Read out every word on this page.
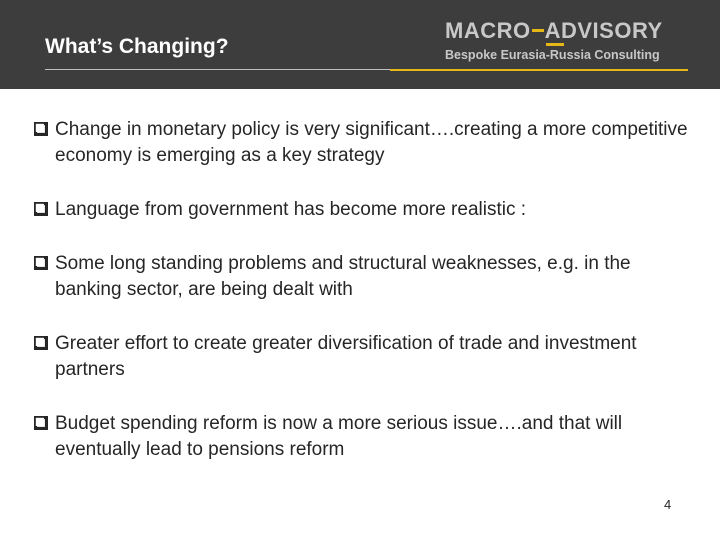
What’s Changing?
MACRO A
DVISORY
Bespoke Eurasia-Russia Consulting
Change in monetary policy is very significant….creating a more competitive economy is emerging as a key strategy
Language from government has become more realistic :
Some long standing problems and structural weaknesses, e.g. in the banking sector, are being dealt with
Greater effort to create greater diversification of trade and investment partners
Budget spending reform is now a more serious issue….and that will eventually lead to pensions reform
4
